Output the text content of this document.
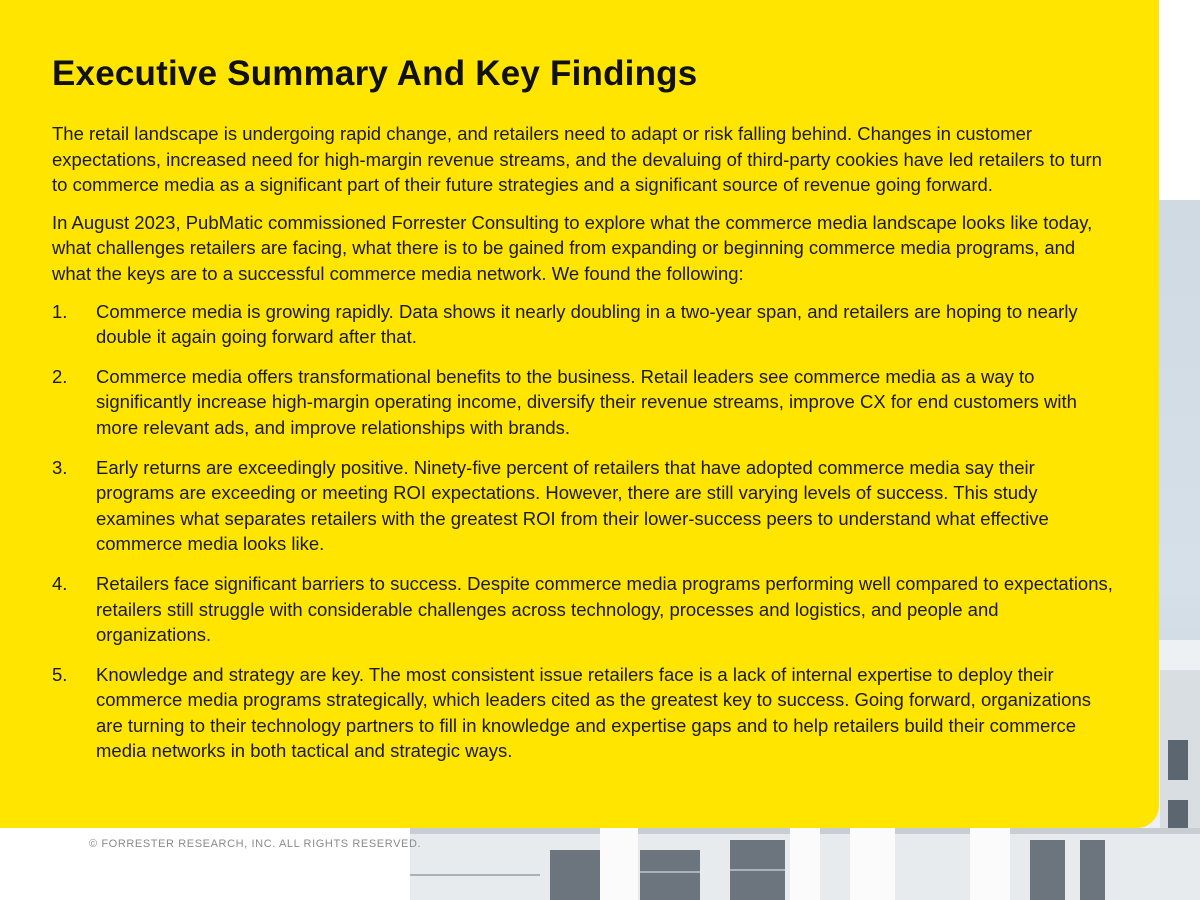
Executive Summary And Key Findings

The retail landscape is undergoing rapid change, and retailers need to adapt or risk falling behind. Changes in customer expectations, increased need for high-margin revenue streams, and the devaluing of third-party cookies have led retailers to turn to commerce media as a significant part of their future strategies and a significant source of revenue going forward.

In August 2023, PubMatic commissioned Forrester Consulting to explore what the commerce media landscape looks like today, what challenges retailers are facing, what there is to be gained from expanding or beginning commerce media programs, and what the keys are to a successful commerce media network. We found the following:

1. Commerce media is growing rapidly. Data shows it nearly doubling in a two-year span, and retailers are hoping to nearly double it again going forward after that.
2. Commerce media offers transformational benefits to the business. Retail leaders see commerce media as a way to significantly increase high-margin operating income, diversify their revenue streams, improve CX for end customers with more relevant ads, and improve relationships with brands.
3. Early returns are exceedingly positive. Ninety-five percent of retailers that have adopted commerce media say their programs are exceeding or meeting ROI expectations. However, there are still varying levels of success. This study examines what separates retailers with the greatest ROI from their lower-success peers to understand what effective commerce media looks like.
4. Retailers face significant barriers to success. Despite commerce media programs performing well compared to expectations, retailers still struggle with considerable challenges across technology, processes and logistics, and people and organizations.
5. Knowledge and strategy are key. The most consistent issue retailers face is a lack of internal expertise to deploy their commerce media programs strategically, which leaders cited as the greatest key to success. Going forward, organizations are turning to their technology partners to fill in knowledge and expertise gaps and to help retailers build their commerce media networks in both tactical and strategic ways.

© FORRESTER RESEARCH, INC. ALL RIGHTS RESERVED.
